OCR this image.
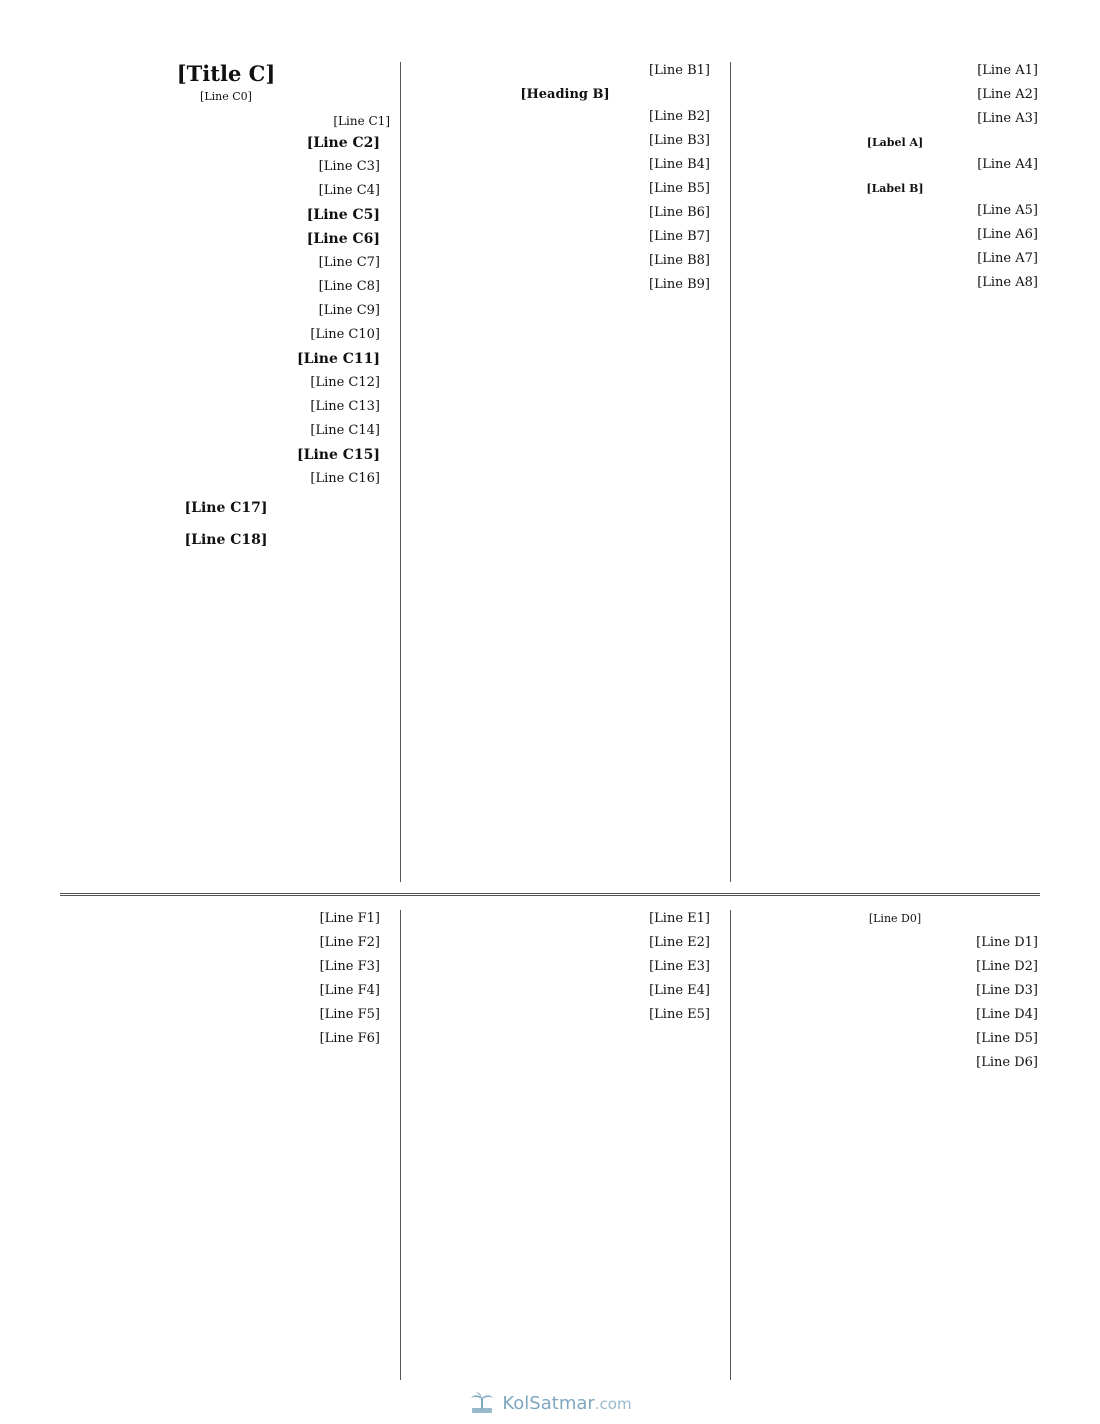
[Line A1]

[Line A2]

[Line A3]

[Label A]

[Line A4]

[Label B]

[Line A5]

[Line A6]

[Line A7]

[Line A8]

[Line B1]

[Heading B]

[Line B2]

[Line B3]

[Line B4]

[Line B5]

[Line B6]

[Line B7]

[Line B8]

[Line B9]

[Title C]
[Line C0]
[Line C1]

[Line C2]

[Line C3]

[Line C4]

[Line C5]

[Line C6]

[Line C7]

[Line C8]

[Line C9]

[Line C10]

[Line C11]

[Line C12]

[Line C13]

[Line C14]

[Line C15]

[Line C16]

[Line C17]
[Line C18]
[Line D0]

[Line D1]

[Line D2]

[Line D3]

[Line D4]

[Line D5]

[Line D6]

[Line E1]

[Line E2]

[Line E3]

[Line E4]

[Line E5]

[Line F1]

[Line F2]

[Line F3]

[Line F4]

[Line F5]

[Line F6]

KolSatmar.com
